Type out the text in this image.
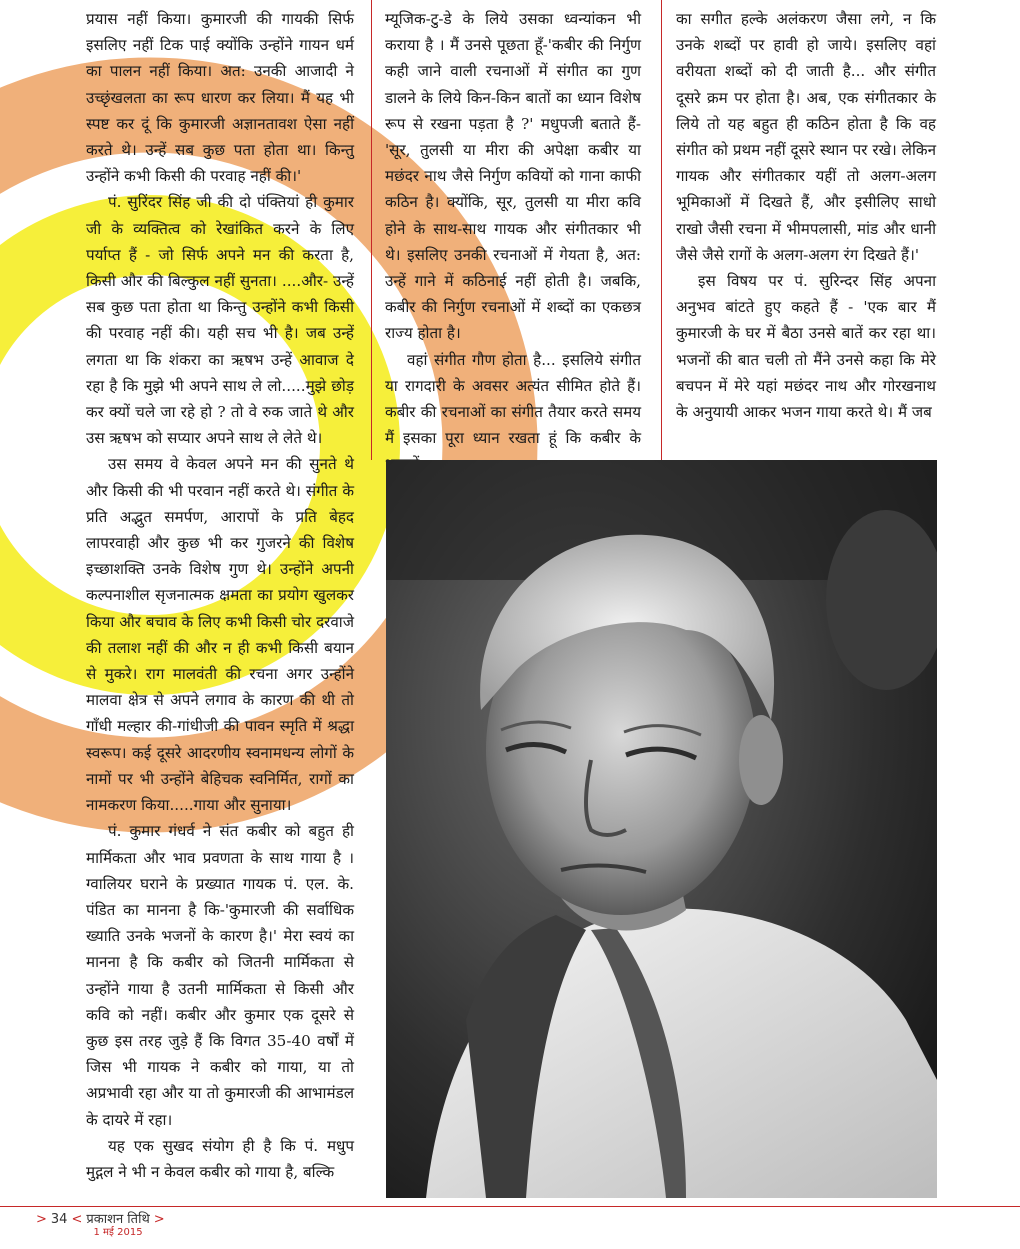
प्रयास नहीं किया। कुमारजी की गायकी सिर्फ इसलिए नहीं टिक पाई क्योंकि उन्होंने गायन धर्म का पालन नहीं किया। अत: उनकी आजादी ने उच्छृंखलता का रूप धारण कर लिया। मैं यह भी स्पष्ट कर दूं कि कुमारजी अज्ञानतावश ऐसा नहीं करते थे। उन्हें सब कुछ पता होता था। किन्तु उन्होंने कभी किसी की परवाह नहीं की।'

पं. सुरिंदर सिंह जी की दो पंक्तियां ही कुमार जी के व्यक्तित्व को रेखांकित करने के लिए पर्याप्त हैं - जो सिर्फ अपने मन की करता है, किसी और की बिल्कुल नहीं सुनता। ....और- उन्हें सब कुछ पता होता था किन्तु उन्होंने कभी किसी की परवाह नहीं की। यही सच भी है। जब उन्हें लगता था कि शंकरा का ऋषभ उन्हें आवाज दे रहा है कि मुझे भी अपने साथ ले लो.....मुझे छोड़ कर क्यों चले जा रहे हो ? तो वे रुक जाते थे और उस ऋषभ को सप्यार अपने साथ ले लेते थे।

उस समय वे केवल अपने मन की सुनते थे और किसी की भी परवान नहीं करते थे। संगीत के प्रति अद्भुत समर्पण, आरापों के प्रति बेहद लापरवाही और कुछ भी कर गुजरने की विशेष इच्छाशक्ति उनके विशेष गुण थे। उन्होंने अपनी कल्पनाशील सृजनात्मक क्षमता का प्रयोग खुलकर किया और बचाव के लिए कभी किसी चोर दरवाजे की तलाश नहीं की और न ही कभी किसी बयान से मुकरे। राग मालवंती की रचना अगर उन्होंने मालवा क्षेत्र से अपने लगाव के कारण की थी तो गाँधी मल्हार की-गांधीजी की पावन स्मृति में श्रद्धा स्वरूप। कई दूसरे आदरणीय स्वनामधन्य लोगों के नामों पर भी उन्होंने बेहिचक स्वनिर्मित, रागों का नामकरण किया.....गाया और सुनाया।

पं. कुमार गंधर्व ने संत कबीर को बहुत ही मार्मिकता और भाव प्रवणता के साथ गाया है । ग्वालियर घराने के प्रख्यात गायक पं. एल. के. पंडित का मानना है कि-'कुमारजी की सर्वाधिक ख्याति उनके भजनों के कारण है।' मेरा स्वयं का मानना है कि कबीर को जितनी मार्मिकता से उन्होंने गाया है उतनी मार्मिकता से किसी और कवि को नहीं। कबीर और कुमार एक दूसरे से कुछ इस तरह जुड़े हैं कि विगत 35-40 वर्षों में जिस भी गायक ने कबीर को गाया, या तो अप्रभावी रहा और या तो कुमारजी की आभामंडल के दायरे में रहा।

यह एक सुखद संयोग ही है कि पं. मधुप मुद्गल ने भी न केवल कबीर को गाया है, बल्कि

म्यूजिक-टु-डे के लिये उसका ध्वन्यांकन भी कराया है । मैं उनसे पूछता हूँ-'कबीर की निर्गुण कही जाने वाली रचनाओं में संगीत का गुण डालने के लिये किन-किन बातों का ध्यान विशेष रूप से रखना पड़ता है ?' मधुपजी बताते हैं-'सूर, तुलसी या मीरा की अपेक्षा कबीर या मछंदर नाथ जैसे निर्गुण कवियों को गाना काफी कठिन है। क्योंकि, सूर, तुलसी या मीरा कवि होने के साथ-साथ गायक और संगीतकार भी थे। इसलिए उनकी रचनाओं में गेयता है, अत: उन्हें गाने में कठिनाई नहीं होती है। जबकि, कबीर की निर्गुण रचनाओं में शब्दों का एकछत्र राज्य होता है।

वहां संगीत गौण होता है... इसलिये संगीत या रागदारी के अवसर अत्यंत सीमित होते हैं। कबीर की रचनाओं का संगीत तैयार करते समय मैं इसका पूरा ध्यान रखता हूं कि कबीर के

का सगीत हल्के अलंकरण जैसा लगे, न कि उनके शब्दों पर हावी हो जाये। इसलिए वहां वरीयता शब्दों को दी जाती है... और संगीत दूसरे क्रम पर होता है। अब, एक संगीतकार के लिये तो यह बहुत ही कठिन होता है कि वह संगीत को प्रथम नहीं दूसरे स्थान पर रखे। लेकिन गायक और संगीतकार यहीं तो अलग-अलग भूमिकाओं में दिखते हैं, और इसीलिए साधो राखो जैसी रचना में भीमपलासी, मांड और धानी जैसे जैसे रागों के अलग-अलग रंग दिखते हैं।'

इस विषय पर पं. सुरिन्दर सिंह अपना अनुभव बांटते हुए कहते हैं - 'एक बार मैं कुमारजी के घर में बैठा उनसे बातें कर रहा था। भजनों की बात चली तो मैंने उनसे कहा कि मेरे बचपन में मेरे यहां मछंदर नाथ और गोरखनाथ के अनुयायी आकर भजन गाया करते थे। मैं जब

> 34 < प्रकाशन तिथि
1 मई 2015
>
